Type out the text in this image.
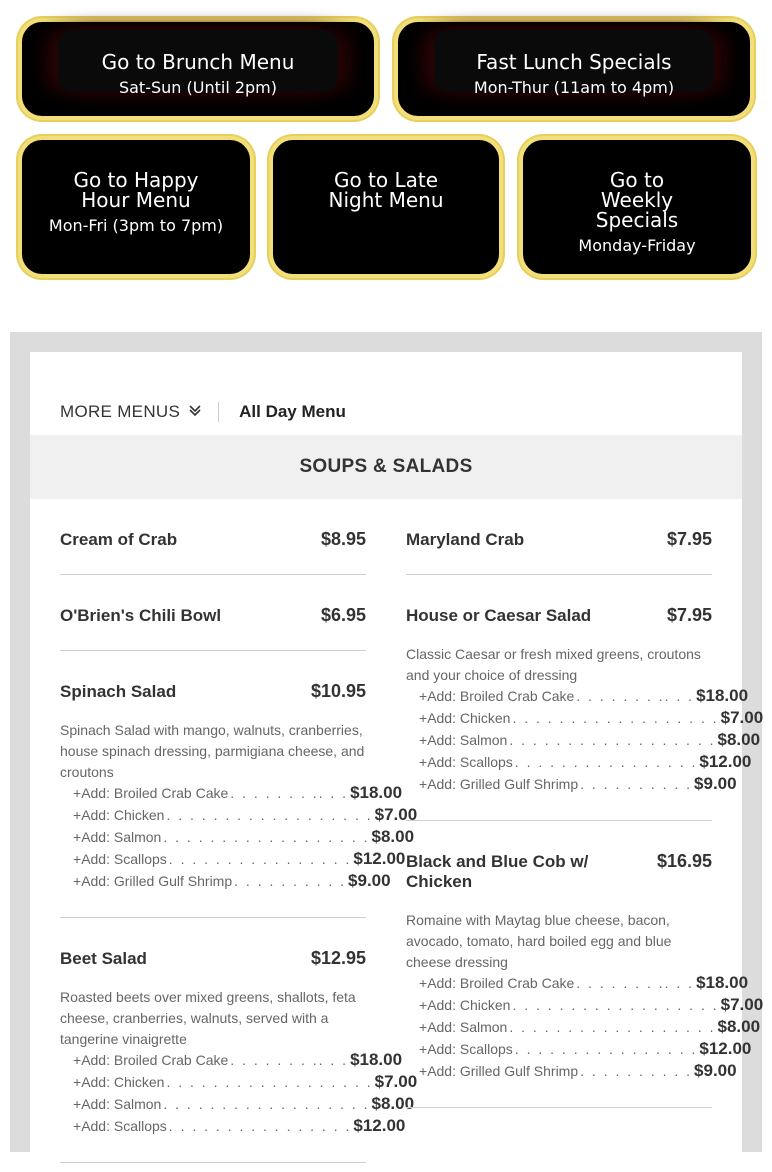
Go to Brunch Menu
Sat-Sun (Until 2pm)
Fast Lunch Specials
Mon-Thur (11am to 4pm)
Go to Happy
Hour Menu
Mon-Fri (3pm to 7pm)
Go to Late
Night Menu
Go to
Weekly
Specials
Monday-Friday
MORE MENUS	All Day Menu
SOUPS & SALADS
Cream of Crab	$8.95
O'Brien's Chili Bowl	$6.95
Spinach Salad	$10.95
Spinach Salad with mango, walnuts, cranberries, house spinach dressing, parmigiana cheese, and croutons
+ Add: Broiled Crab Cake . . . . . . . .. . . $18.00
+ Add: Chicken . . . . . . . . . . . . . . . . . . $7.00
+ Add: Salmon . . . . . . . . . . . . . . . . . . $8.00
+ Add: Scallops . . . . . . . . . . . . . . . . $12.00
+ Add: Grilled Gulf Shrimp . . . . . . . . . . $9.00
Beet Salad	$12.95
Roasted beets over mixed greens, shallots, feta cheese, cranberries, walnuts, served with a tangerine vinaigrette
+ Add: Broiled Crab Cake . . . . . . . .. . . $18.00
+ Add: Chicken . . . . . . . . . . . . . . . . . . $7.00
+ Add: Salmon . . . . . . . . . . . . . . . . . . $8.00
+ Add: Scallops . . . . . . . . . . . . . . . . $12.00
Maryland Crab	$7.95
House or Caesar Salad	$7.95
Classic Caesar or fresh mixed greens, croutons and your choice of dressing
+ Add: Broiled Crab Cake . . . . . . . .. . . $18.00
+ Add: Chicken . . . . . . . . . . . . . . . . . . $7.00
+ Add: Salmon . . . . . . . . . . . . . . . . . . $8.00
+ Add: Scallops . . . . . . . . . . . . . . . . $12.00
+ Add: Grilled Gulf Shrimp . . . . . . . . . . $9.00
Black and Blue Cob w/ Chicken
$16.95
Romaine with Maytag blue cheese, bacon, avocado, tomato, hard boiled egg and blue cheese dressing
+ Add: Broiled Crab Cake . . . . . . . .. . . $18.00
+ Add: Chicken . . . . . . . . . . . . . . . . . . $7.00
+ Add: Salmon . . . . . . . . . . . . . . . . . . $8.00
+ Add: Scallops . . . . . . . . . . . . . . . . $12.00
+ Add: Grilled Gulf Shrimp . . . . . . . . . . $9.00
